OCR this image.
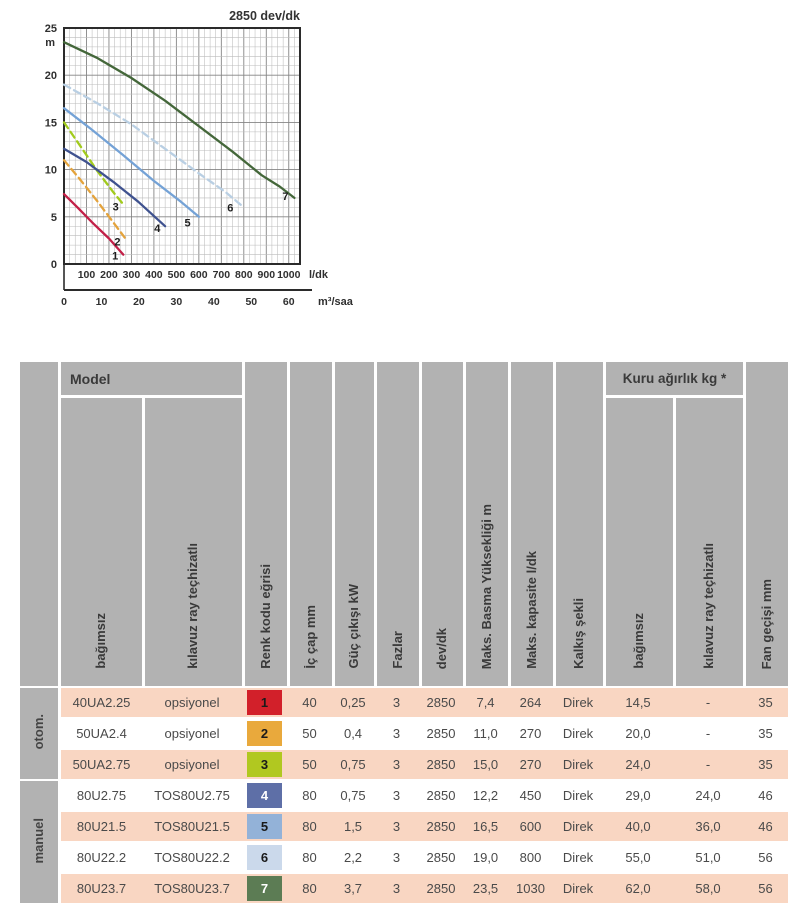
2850 dev/dk
100 200 300 400 500 600 700 800 900 1000 l/dk
0
5
10
15
20
25
m
0	10 20 30 40 50 60 m³/saa
1
2
3
4 5
6
7
	Model		Renk kodu eğrisi	İç çap mm	Güç çıkışı kW	Fazlar	dev/dk	Maks. Basma Yüksekliği m	Maks. kapasite l/dk	Kalkış şekli	Kuru ağırlık kg *		Fan geçişi mm
	bağımsız	kılavuz ray teçhizatlı									bağımsız	kılavuz ray teçhizatlı	
otom.	40UA2.25	opsiyonel	1	40	0,25	3	2850	7,4	264	Direk	14,5	-	35
	50UA2.4	opsiyonel	2	50	0,4	3	2850	11,0	270	Direk	20,0	-	35
	50UA2.75	opsiyonel	3	50	0,75	3	2850	15,0	270	Direk	24,0	-	35
manuel	80U2.75	TOS80U2.75	4	80	0,75	3	2850	12,2	450	Direk	29,0	24,0	46
	80U21.5	TOS80U21.5	5	80	1,5	3	2850	16,5	600	Direk	40,0	36,0	46
	80U22.2	TOS80U22.2	6	80	2,2	3	2850	19,0	800	Direk	55,0	51,0	56
	80U23.7	TOS80U23.7	7	80	3,7	3	2850	23,5	1030	Direk	62,0	58,0	56
